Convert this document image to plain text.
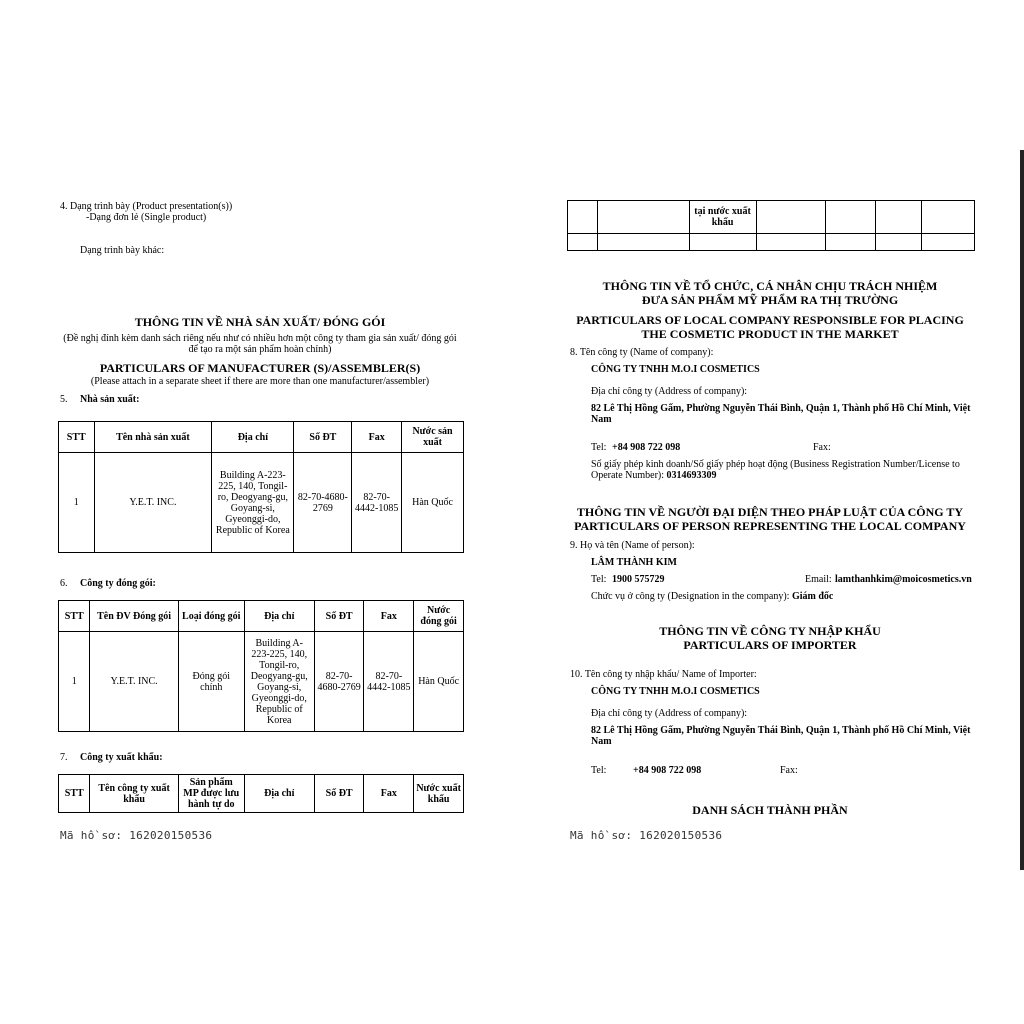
4. Dạng trình bày (Product presentation(s))
-Dạng đơn lẻ (Single product)
Dạng trình bày khác:
THÔNG TIN VỀ NHÀ SẢN XUẤT/ ĐÓNG GÓI
(Đề nghị đính kèm danh sách riêng nếu như có nhiều hơn một công ty tham gia sản xuất/ đóng gói để tạo ra một sản phẩm hoàn chỉnh)
PARTICULARS OF MANUFACTURER (S)/ASSEMBLER(S)
(Please attach in a separate sheet if there are more than one manufacturer/assembler)
5. Nhà sản xuất:
STT	Tên nhà sản xuất	Địa chỉ	Số ĐT	Fax	Nước sản xuất
1	Y.E.T. INC.	Building A-223-225, 140, Tongil-ro, Deogyang-gu, Goyang-si, Gyeonggi-do, Republic of Korea	82-70-4680-2769	82-70-4442-1085	Hàn Quốc
6. Công ty đóng gói:
STT	Tên ĐV Đóng gói	Loại đóng gói	Địa chỉ	Số ĐT	Fax	Nước đóng gói
1	Y.E.T. INC.	Đóng gói chính	Building A-223-225, 140, Tongil-ro, Deogyang-gu, Goyang-si, Gyeonggi-do, Republic of Korea	82-70-4680-2769	82-70-4442-1085	Hàn Quốc
7. Công ty xuất khẩu:
STT	Tên công ty xuất khẩu	Sản phẩm MP được lưu hành tự do	Địa chỉ	Số ĐT	Fax	Nước xuất khẩu
Mã hồ sơ: 162020150536
		tại nước xuất khẩu				

THÔNG TIN VỀ TỔ CHỨC, CÁ NHÂN CHỊU TRÁCH NHIỆM
ĐƯA SẢN PHẨM MỸ PHẨM RA THỊ TRƯỜNG
PARTICULARS OF LOCAL COMPANY RESPONSIBLE FOR PLACING
THE COSMETIC PRODUCT IN THE MARKET
8. Tên công ty (Name of company):
CÔNG TY TNHH M.O.I COSMETICS
Địa chỉ công ty (Address of company):
82 Lê Thị Hồng Gấm, Phường Nguyễn Thái Bình, Quận 1, Thành phố Hồ Chí Minh, Việt Nam
Tel: +84 908 722 098	Fax:
Số giấy phép kinh doanh/Số giấy phép hoạt động (Business Registration Number/License to Operate Number): 0314693309
THÔNG TIN VỀ NGƯỜI ĐẠI DIỆN THEO PHÁP LUẬT CỦA CÔNG TY
PARTICULARS OF PERSON REPRESENTING THE LOCAL COMPANY
9. Họ và tên (Name of person):
LÂM THÀNH KIM
Tel: 1900 575729	Email: lamthanhkim@moicosmetics.vn
Chức vụ ở công ty (Designation in the company): Giám đốc
THÔNG TIN VỀ CÔNG TY NHẬP KHẨU
PARTICULARS OF IMPORTER
10. Tên công ty nhập khẩu/ Name of Importer:
CÔNG TY TNHH M.O.I COSMETICS
Địa chỉ công ty (Address of company):
82 Lê Thị Hồng Gấm, Phường Nguyễn Thái Bình, Quận 1, Thành phố Hồ Chí Minh, Việt Nam
Tel:	+84 908 722 098	Fax:
DANH SÁCH THÀNH PHẦN
Mã hồ sơ: 162020150536
